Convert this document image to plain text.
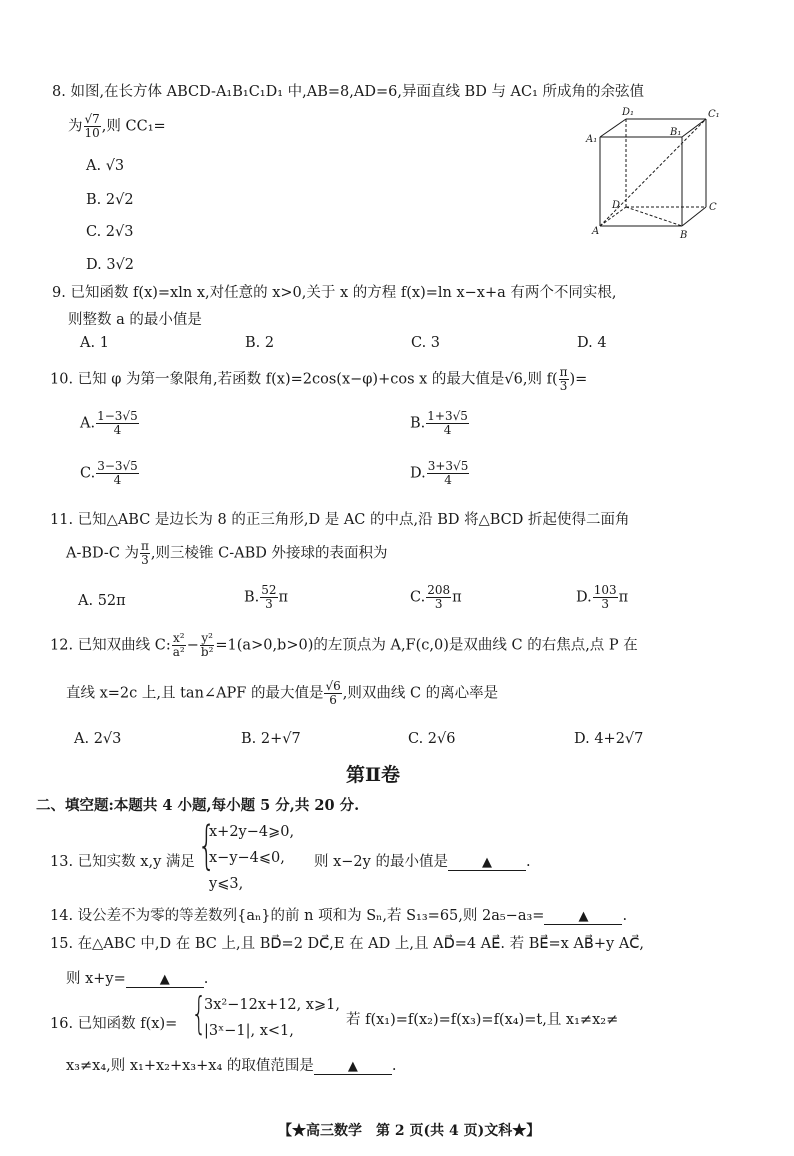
8. 如图,在长方体 ABCD-A₁B₁C₁D₁ 中,AB=8,AD=6,异面直线 BD 与 AC₁ 所成角的余弦值
为 $\frac{√7}{10}$ ,则 CC₁=
A. √3
B. 2√2
C. 2√3
D. 3√2
D₁
A₁
B₁
C₁
D	C
A	B
9. 已知函数 f(x)=xln x,对任意的 x>0,关于 x 的方程 f(x)=ln x−x+a 有两个不同实根,
则整数 a 的最小值是
A. 1	B. 2	C. 3	D. 4
10. 已知 φ 为第一象限角,若函数 f(x)=2cos(x−φ)+cos x 的最大值是√6,则 $f( \frac{\pi}{3}$ )=
A. $\frac{1-3√5}{4}$	B. $\frac{1+3√5}{4}$
C. $\frac{3-3√5}{4}$	D. $\frac{3+3√5}{4}$
11. 已知△ABC 是边长为 8 的正三角形,D 是 AC 的中点,沿 BD 将△BCD 折起使得二面角
A-BD-C 为 $\frac{\pi}{3}$ ,则三棱锥 C-ABD 外接球的表面积为
A. 52π	B. $\frac{52}{3}$ π	C. $\frac{208}{3}$ π	D. $\frac{103}{3}$ π
12. 已知双曲线 C: $\frac{\text{x²}}{\text{a²}} - \frac{\text{y²}}{\text{b²}} =1(a>0,b>0)$的左顶点为 A,F(c,0)是双曲线 C 的右焦点,点 P 在
直线 x=2c 上,且 tan∠APF 的最大值是 $\frac{√6}{6}$ ,则双曲线 C 的离心率是
A. 2√3	B. 2+√7	C. 2√6	D. 4+2√7
第Ⅱ卷
二、填空题:本题共 4 小题,每小题 5 分,共 20 分.
13. 已知实数 x,y 满足 {
x+2y−4⩾0,
x−y−4⩽0,
y⩽3,
则 x−2y 的最小值是	▲ .
14. 设公差不为零的等差数列{aₙ}的前 n 项和为 Sₙ,若 S₁₃=65,则 2a₅−a₃=	▲ .
15. 在△ABC 中,D 在 BC 上,且 BD⃗=2 DC⃗,E 在 AD 上,且 AD⃗=4 AE⃗. 若 BE⃗=x AB⃗+y AC⃗,
则 x+y=	▲ .
16. 已知函数 f(x)= {
3x²−12x+12, x⩾1,
|3ˣ−1|, x<1,
若 f(x₁)=f(x₂)=f(x₃)=f(x₄)=t,且 x₁≠x₂≠
x₃≠x₄,则 x₁+x₂+x₃+x₄ 的取值范围是	▲ .
【★高三数学　第 2 页(共 4 页)文科★】
